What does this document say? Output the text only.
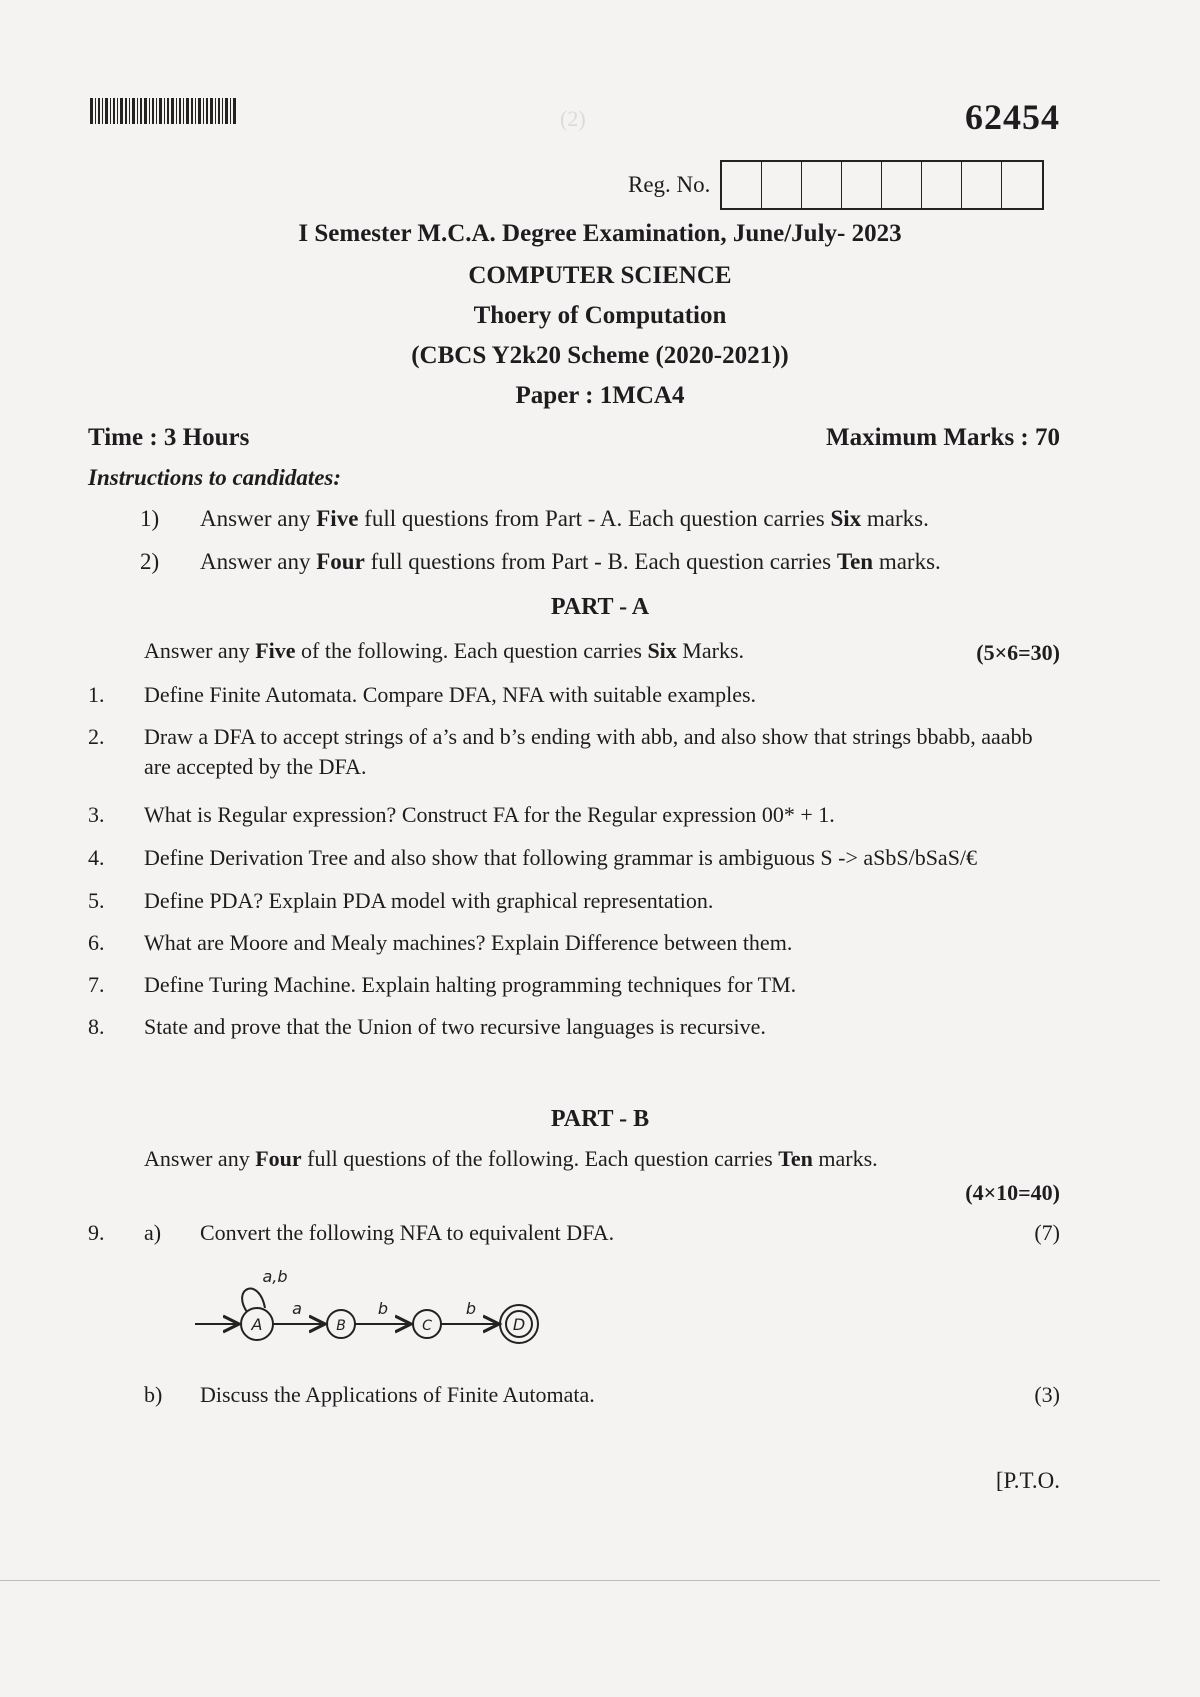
62454
(2)
Reg. No.
I Semester M.C.A. Degree Examination, June/July- 2023
COMPUTER SCIENCE
Thoery of Computation
(CBCS Y2k20 Scheme (2020-2021))
Paper : 1MCA4
Time : 3 Hours	Maximum Marks : 70
Instructions to candidates:
1) Answer any Five full questions from Part - A. Each question carries Six marks.
2) Answer any Four full questions from Part - B. Each question carries Ten marks.
PART - A
Answer any Five of the following. Each question carries Six Marks.	(5×6=30)
1. Define Finite Automata. Compare DFA, NFA with suitable examples.
2. Draw a DFA to accept strings of a’s and b’s ending with abb, and also show that strings bbabb, aaabb are accepted by the DFA.
3. What is Regular expression? Construct FA for the Regular expression 00* + 1.
4. Define Derivation Tree and also show that following grammar is ambiguous S -> aSbS/bSaS/€
5. Define PDA? Explain PDA model with graphical representation.
6. What are Moore and Mealy machines? Explain Difference between them.
7. Define Turing Machine. Explain halting programming techniques for TM.
8. State and prove that the Union of two recursive languages is recursive.
PART - B
Answer any Four full questions of the following. Each question carries Ten marks.
(4×10=40)
9. a) Convert the following NFA to equivalent DFA.	(7)
A	B	C	D
a,b
a	b	b
b) Discuss the Applications of Finite Automata.	(3)
[P.T.O.
